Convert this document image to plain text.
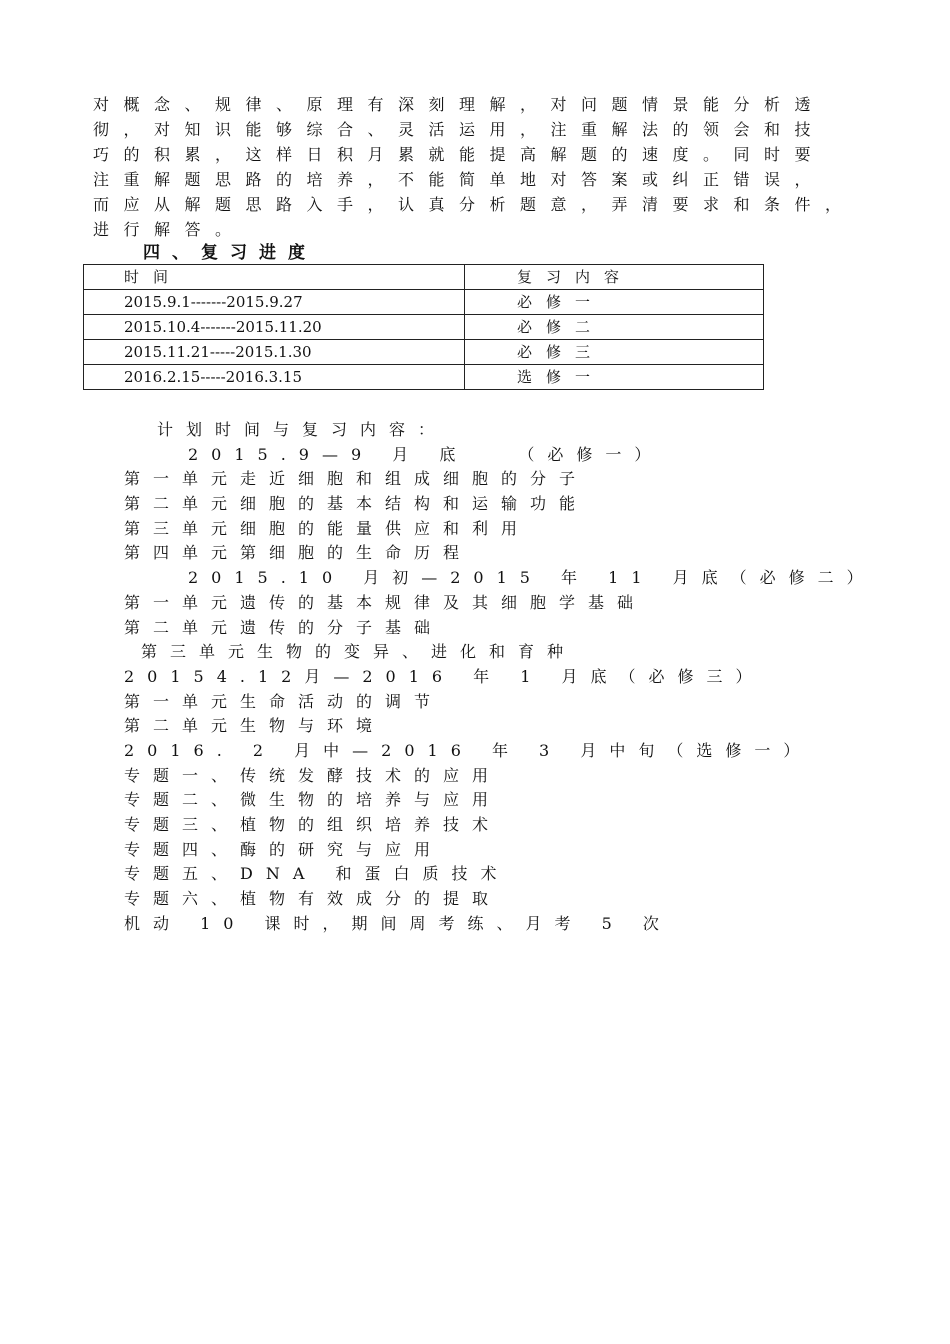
对概念、规律、原理有深刻理解，对问题情景能分析透
彻，对知识能够综合、灵活运用，注重解法的领会和技
巧的积累，这样日积月累就能提高解题的速度。同时要
注重解题思路的培养，不能简单地对答案或纠正错误，
而应从解题思路入手，认真分析题意，弄清要求和条件，
进行解答。
四、复习进度
时间	复习内容
2015.9.1-------2015.9.27	必修一
2015.10.4-------2015.11.20	必修二
2015.11.21-----2015.1.30	必修三
2016.2.15-----2016.3.15	选修一
计划时间与复习内容：
2015.9—9 月 底　　（必修一）
第一单元走近细胞和组成细胞的分子
第二单元细胞的基本结构和运输功能
第三单元细胞的能量供应和利用
第四单元第细胞的生命历程
2015.10 月初—2015 年 11 月底（必修二）
第一单元遗传的基本规律及其细胞学基础
第二单元遗传的分子基础
第三单元生物的变异、进化和育种
20154.12月—2016 年 1 月底（必修三）
第一单元生命活动的调节
第二单元生物与环境
2016. 2 月中—2016 年 3 月中旬（选修一）
专题一、传统发酵技术的应用
专题二、微生物的培养与应用
专题三、植物的组织培养技术
专题四、酶的研究与应用
专题五、DNA 和蛋白质技术
专题六、植物有效成分的提取
机动 10 课时，期间周考练、月考 5 次
